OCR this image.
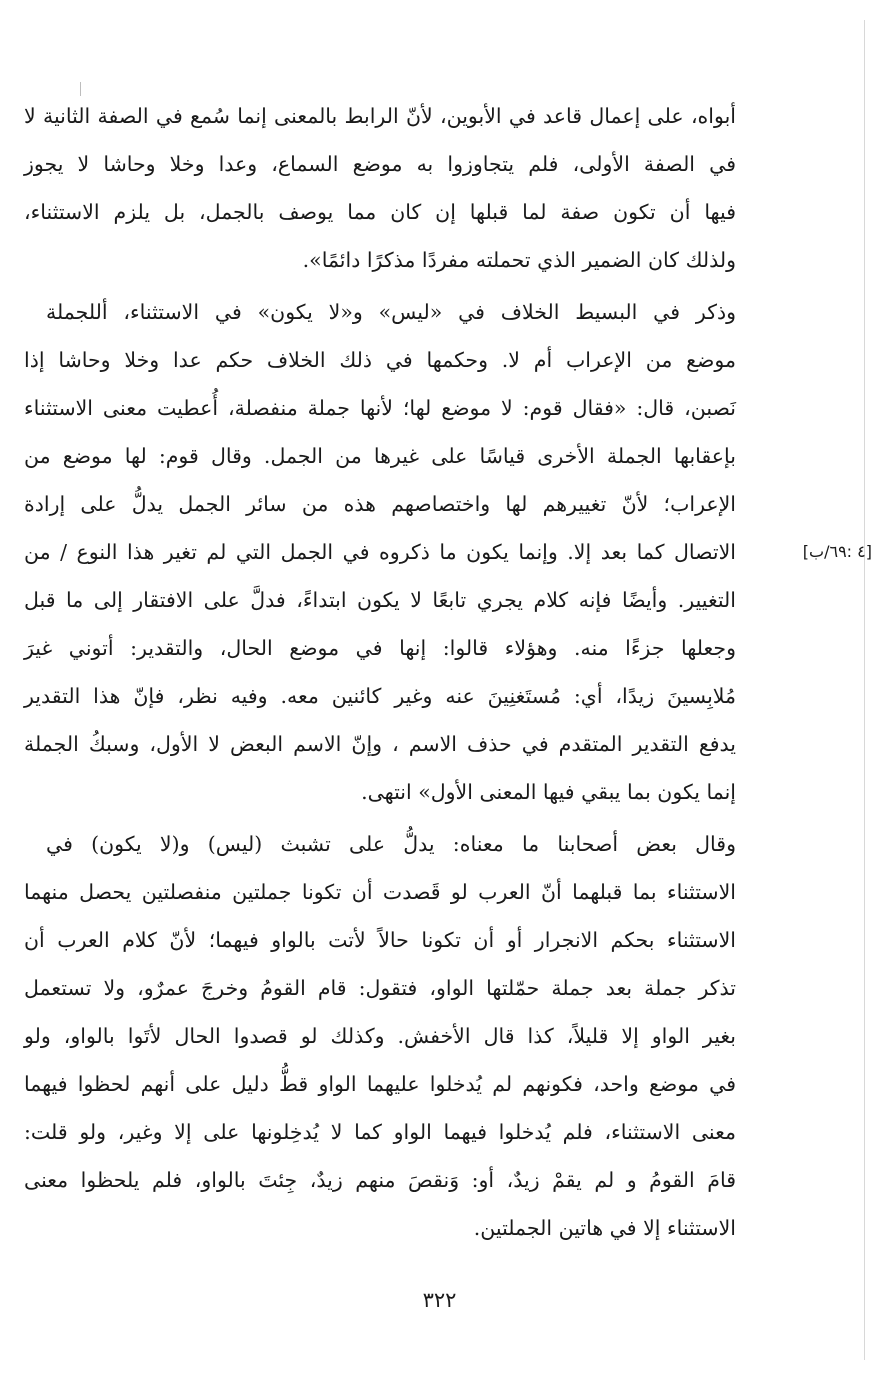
أبواه، على إعمال قاعد في الأبوين، لأنّ الرابط بالمعنى إنما سُمع في الصفة الثانية لا
في الصفة الأولى، فلم يتجاوزوا به موضع السماع، وعدا وخلا وحاشا لا يجوز
فيها أن تكون صفة لما قبلها إن كان مما يوصف بالجمل، بل يلزم الاستثناء،
ولذلك كان الضمير الذي تحملته مفردًا مذكرًا دائمًا».
وذكر في البسيط الخلاف في «ليس» و«لا يكون» في الاستثناء، أللجملة
موضع من الإعراب أم لا. وحكمها في ذلك الخلاف حكم عدا وخلا وحاشا إذا
نَصبن، قال: «فقال قوم: لا موضع لها؛ لأنها جملة منفصلة، أُعطيت معنى الاستثناء
بإعقابها الجملة الأخرى قياسًا على غيرها من الجمل. وقال قوم: لها موضع من
الإعراب؛ لأنّ تغييرهم لها واختصاصهم هذه من سائر الجمل يدلُّ على إرادة
الاتصال كما بعد إلا. وإنما يكون ما ذكروه في الجمل التي لم تغير هذا النوع / من
التغيير. وأيضًا فإنه كلام يجري تابعًا لا يكون ابتداءً، فدلَّ على الافتقار إلى ما قبل
وجعلها جزءًا منه. وهؤلاء قالوا: إنها في موضع الحال، والتقدير: أتوني غيرَ
مُلابِسينَ زيدًا، أي: مُستَغنِينَ عنه وغير كائنين معه. وفيه نظر، فإنّ هذا التقدير
يدفع التقدير المتقدم في حذف الاسم ، وإنّ الاسم البعض لا الأول، وسبكُ الجملة
إنما يكون بما يبقي فيها المعنى الأول» انتهى.
وقال بعض أصحابنا ما معناه: يدلُّ على تشبث (ليس) و(لا يكون) في
الاستثناء بما قبلهما أنّ العرب لو قَصدت أن تكونا جملتين منفصلتين يحصل منهما
الاستثناء بحكم الانجرار أو أن تكونا حالاً لأتت بالواو فيهما؛ لأنّ كلام العرب أن
تذكر جملة بعد جملة حمّلتها الواو، فتقول: قام القومُ وخرجَ عمرٌو، ولا تستعمل
بغير الواو إلا قليلاً، كذا قال الأخفش. وكذلك لو قصدوا الحال لأتَوا بالواو، ولو
في موضع واحد، فكونهم لم يُدخلوا عليهما الواو قطُّ دليل على أنهم لحظوا فيهما
معنى الاستثناء، فلم يُدخلوا فيهما الواو كما لا يُدخِلونها على إلا وغير، ولو قلت:
قامَ القومُ و لم يقمْ زيدٌ، أو: وَنقصَ منهم زيدٌ، جِئتَ بالواو، فلم يلحظوا معنى
الاستثناء إلا في هاتين الجملتين.
[٤ :٦٩/ب]
٣٢٢
